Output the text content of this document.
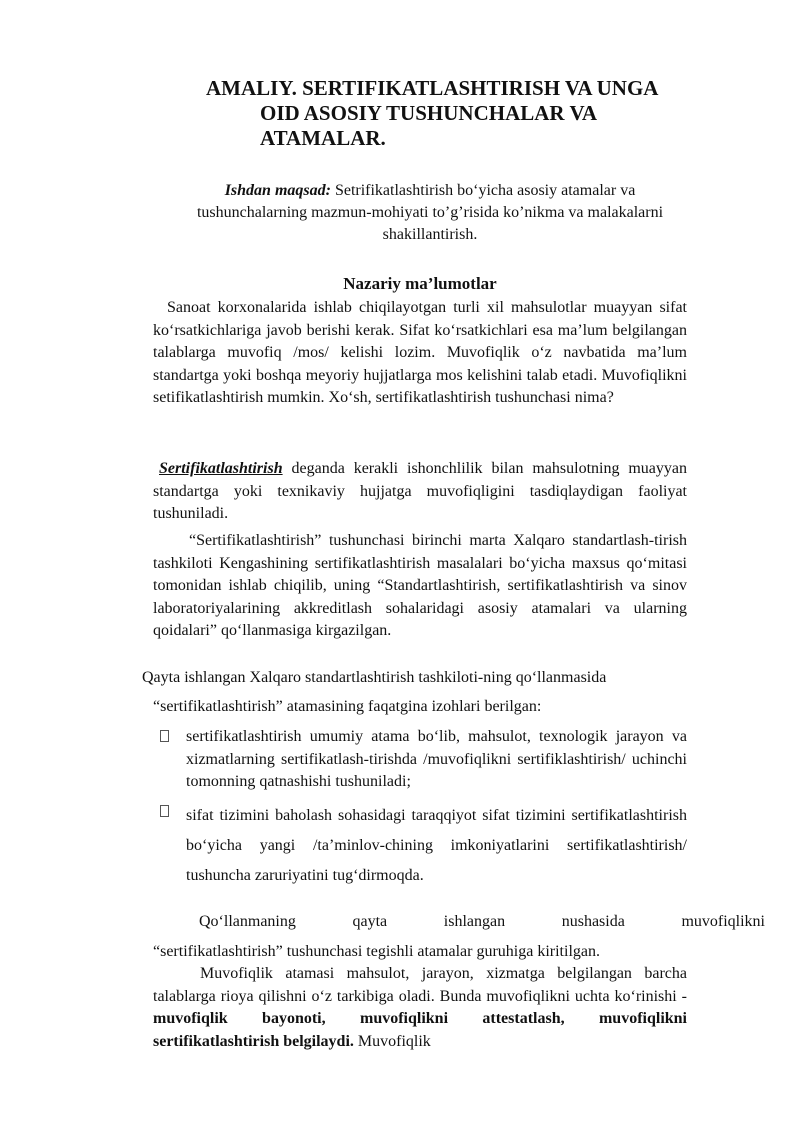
AMALIY. SERTIFIKATLASHTIRISH VA UNGA
OID ASOSIY TUSHUNCHALAR VA ATAMALAR.

Ishdan maqsad: Setrifikatlashtirish bo‘yicha asosiy atamalar va tushunchalarning mazmun-mohiyati to’g’risida ko’nikma va malakalarni shakillantirish.

Nazariy ma’lumotlar

Sanoat korxonalarida ishlab chiqilayotgan turli xil mahsulotlar muayyan sifat ko‘rsatkichlariga javob berishi kerak. Sifat ko‘rsatkichlari esa ma’lum belgilangan talablarga muvofiq /mos/ kelishi lozim. Muvofiqlik o‘z navbatida ma’lum standartga yoki boshqa meyoriy hujjatlarga mos kelishini talab etadi. Muvofiqlikni setifikatlashtirish mumkin. Xo‘sh, sertifikatlashtirish tushunchasi nima?

Sertifikatlashtirish deganda kerakli ishonchlilik bilan mahsulotning muayyan standartga yoki texnikaviy hujjatga muvofiqligini tasdiqlaydigan faoliyat tushuniladi.

“Sertifikatlashtirish” tushunchasi birinchi marta Xalqaro standartlash-tirish tashkiloti Kengashining sertifikatlashtirish masalalari bo‘yicha maxsus qo‘mitasi tomonidan ishlab chiqilib, uning “Standartlashtirish, sertifikatlashtirish va sinov laboratoriyalarining akkreditlash sohalaridagi asosiy atamalari va ularning qoidalari” qo‘llanmasiga kirgazilgan.

Qayta ishlangan Xalqaro standartlashtirish tashkiloti-ning qo‘llanmasida

“sertifikatlashtirish” atamasining faqatgina izohlari berilgan:

sertifikatlashtirish umumiy atama bo‘lib, mahsulot, texnologik jarayon va xizmatlarning sertifikatlash-tirishda /muvofiqlikni sertifiklashtirish/ uchinchi tomonning qatnashishi tushuniladi;
sifat tizimini baholash sohasidagi taraqqiyot sifat tizimini sertifikatlashtirish bo‘yicha yangi /ta’minlov-chining imkoniyatlarini sertifikatlashtirish/ tushuncha zaruriyatini tug‘dirmoqda.

Qo‘llanmaning qayta ishlangan nushasida muvofiqlikni

“sertifikatlashtirish” tushunchasi tegishli atamalar guruhiga kiritilgan.

Muvofiqlik atamasi mahsulot, jarayon, xizmatga belgilangan barcha talablarga rioya qilishni o‘z tarkibiga oladi. Bunda muvofiqlikni uchta ko‘rinishi - muvofiqlik bayonoti, muvofiqlikni attestatlash, muvofiqlikni sertifikatlashtirish belgilaydi. Muvofiqlik
